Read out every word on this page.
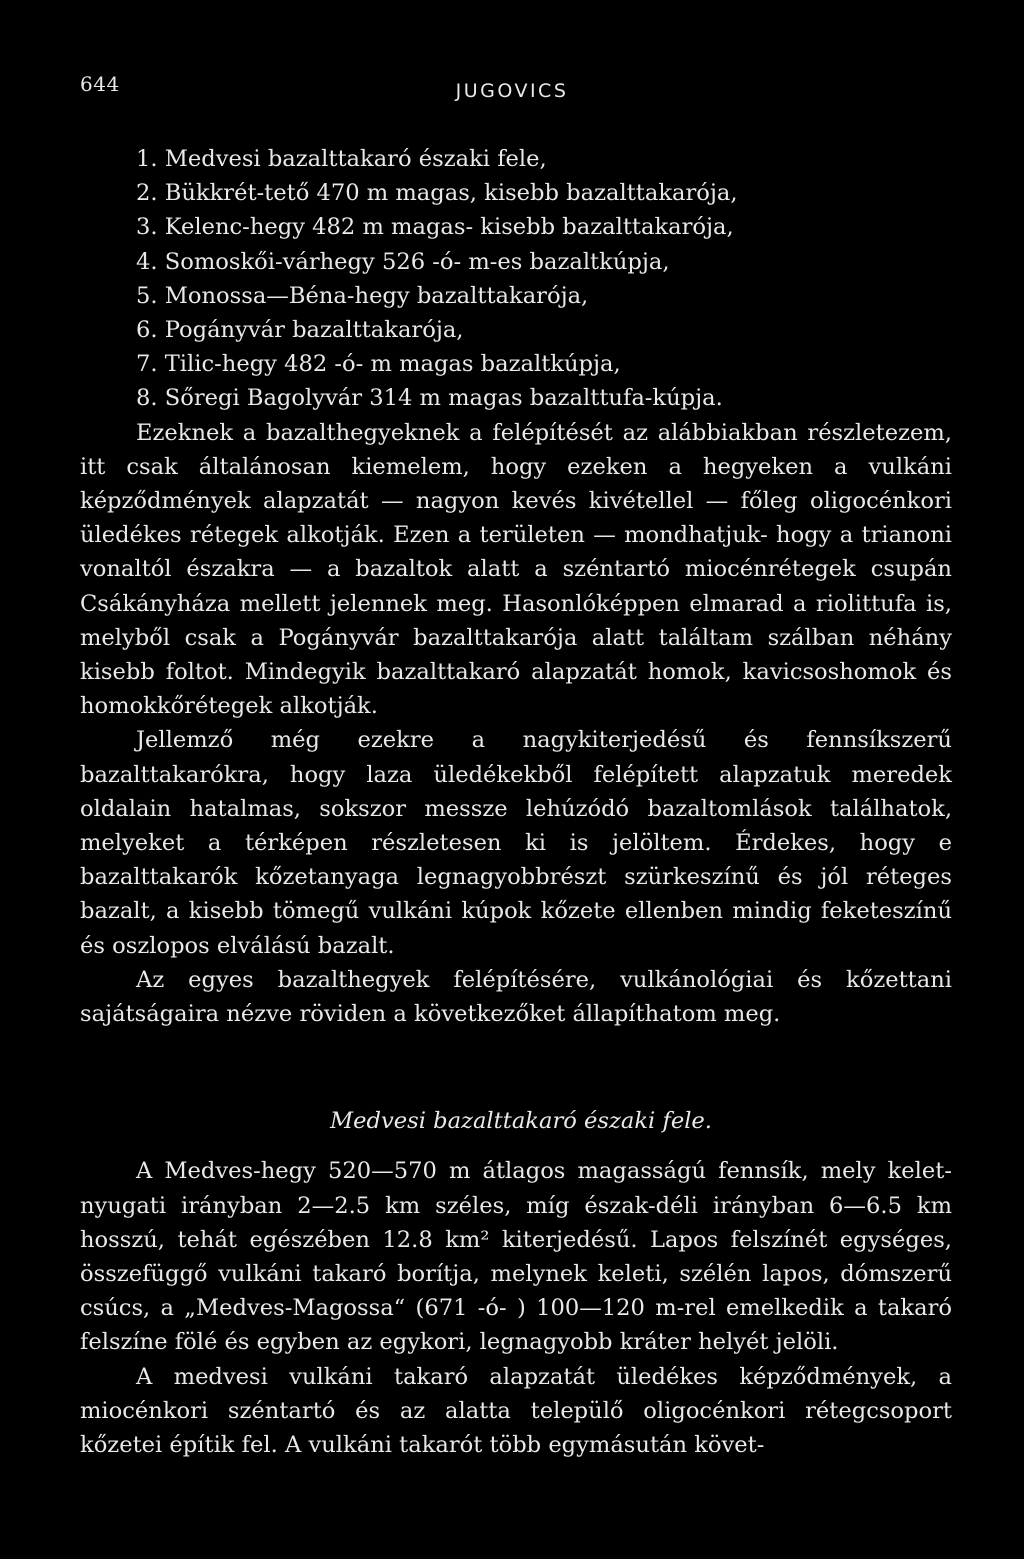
644	JUGOVICS
1. Medvesi bazalttakaró északi fele,
2. Bükkrét-tető 470 m magas, kisebb bazalttakarója,
3. Kelenc-hegy 482 m magas- kisebb bazalttakarója,
4. Somoskői-várhegy 526 -ó- m-es bazaltkúpja,
5. Monossa—Béna-hegy bazalttakarója,
6. Pogányvár bazalttakarója,
7. Tilic-hegy 482 -ó- m magas bazaltkúpja,
8. Sőregi Bagolyvár 314 m magas bazalttufa-kúpja.

Ezeknek a bazalthegyeknek a felépítését az alábbiakban részletezem, itt csak általánosan kiemelem, hogy ezeken a hegyeken a vulkáni képződmények alapzatát — nagyon kevés kivétellel — főleg oligocénkori üledékes rétegek alkotják. Ezen a területen — mondhatjuk- hogy a trianoni vonaltól északra — a bazaltok alatt a széntartó miocénrétegek csupán Csákányháza mellett jelennek meg. Hasonlóképpen elmarad a riolittufa is, melyből csak a Pogányvár bazalttakarója alatt találtam szálban néhány kisebb foltot. Mindegyik bazalttakaró alapzatát homok, kavicsoshomok és homokkőrétegek alkotják.

Jellemző még ezekre a nagykiterjedésű és fennsíkszerű bazalttakarókra, hogy laza üledékekből felépített alapzatuk meredek oldalain hatalmas, sokszor messze lehúzódó bazaltomlások találhatok, melyeket a térképen részletesen ki is jelöltem. Érdekes, hogy e bazalttakarók kőzetanyaga legnagyobbrészt szürkeszínű és jól réteges bazalt, a kisebb tömegű vulkáni kúpok kőzete ellenben mindig feketeszínű és oszlopos elválású bazalt.

Az egyes bazalthegyek felépítésére, vulkánológiai és kőzettani sajátságaira nézve röviden a következőket állapíthatom meg.

Medvesi bazalttakaró északi fele.

A Medves-hegy 520—570 m átlagos magasságú fennsík, mely kelet-nyugati irányban 2—2.5 km széles, míg észak-déli irányban 6—6.5 km hosszú, tehát egészében 12.8 km² kiterjedésű. Lapos felszínét egységes, összefüggő vulkáni takaró borítja, melynek keleti, szélén lapos, dómszerű csúcs, a „Medves-Magossa“ (671 -ó- ) 100—120 m-rel emelkedik a takaró felszíne fölé és egyben az egykori, legnagyobb kráter helyét jelöli.

A medvesi vulkáni takaró alapzatát üledékes képződmények, a miocénkori széntartó és az alatta települő oligocénkori rétegcsoport kőzetei építik fel. A vulkáni takarót több egymásután követ-
